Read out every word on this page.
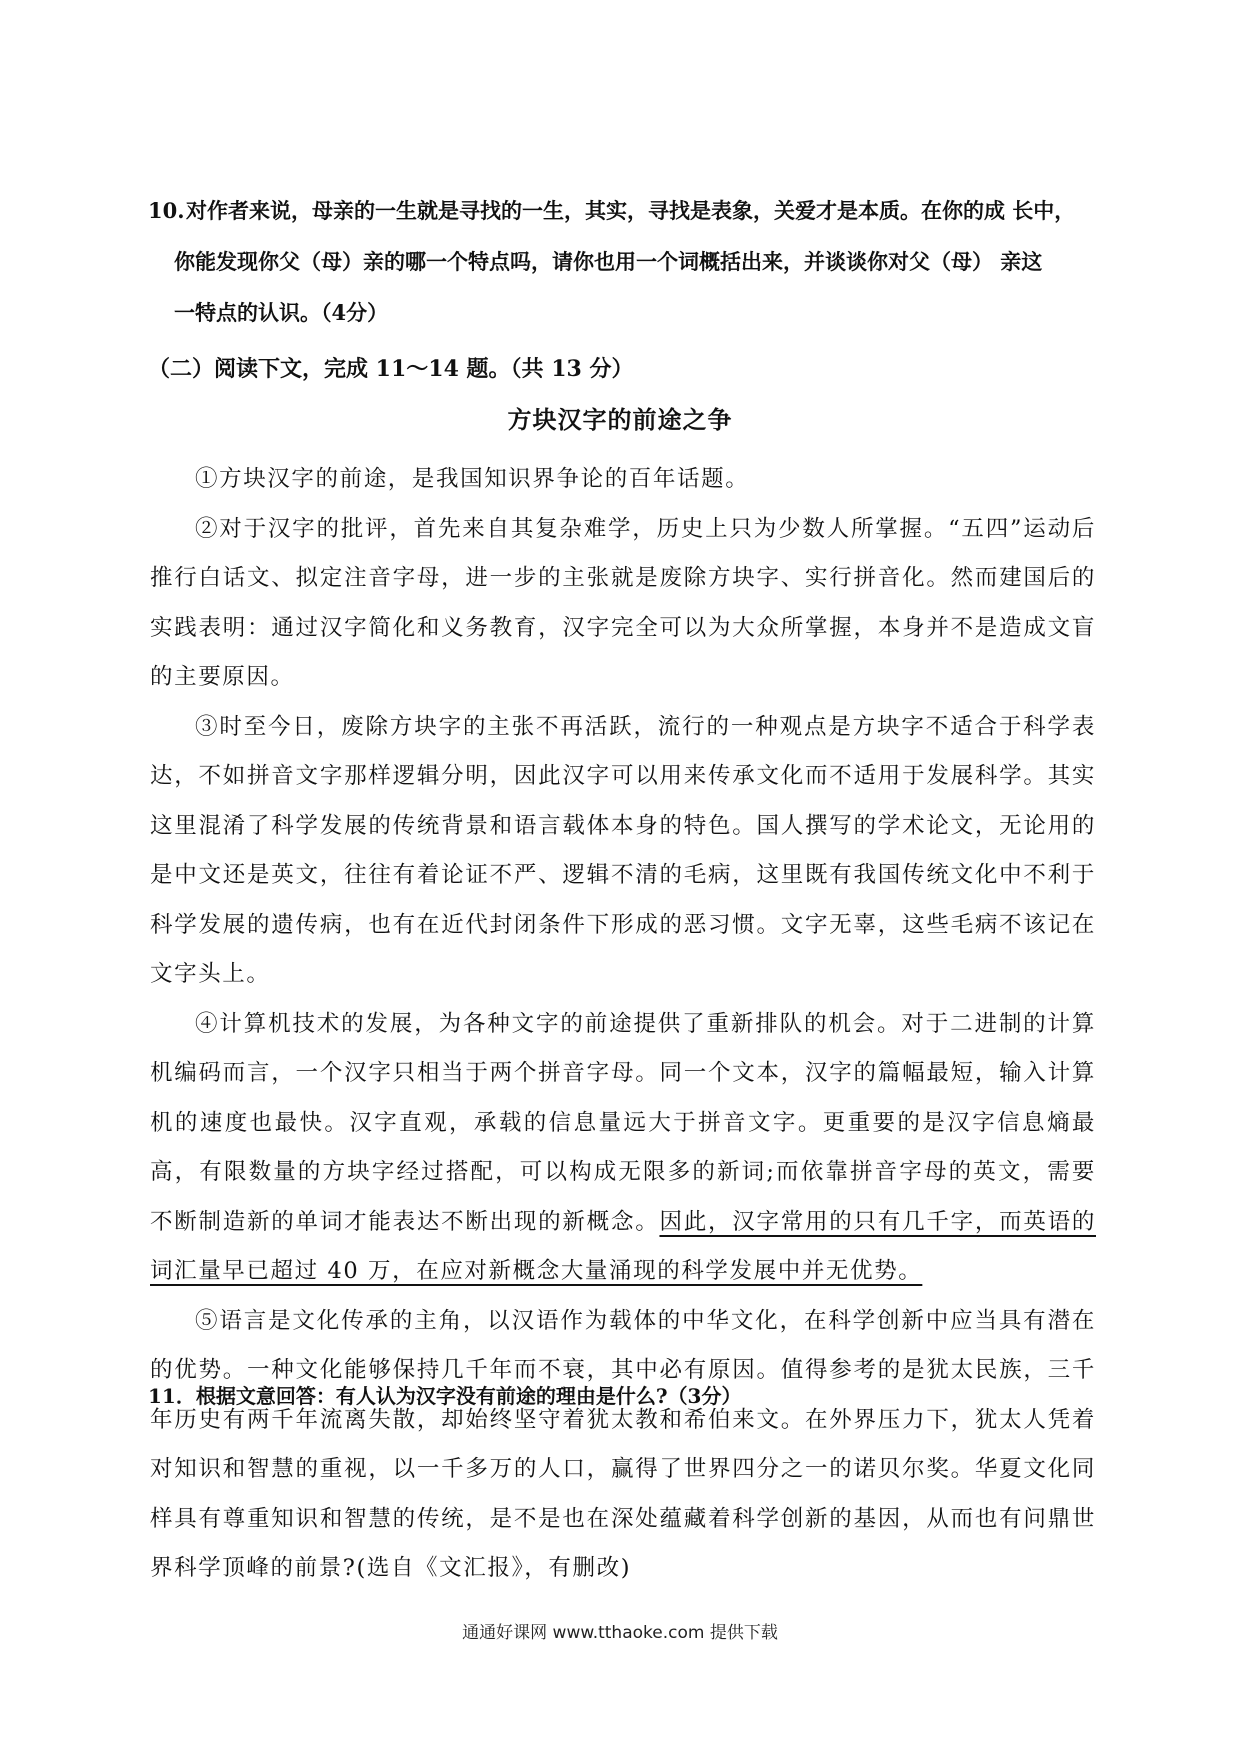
10. 对作者来说，母亲的一生就是寻找的一生，其实，寻找是表象，关爱才是本质。在你的成 长中，
你能发现你父（母）亲的哪一个特点吗，请你也用一个词概括出来，并谈谈你对父（母） 亲这
一特点的认识。（4分）
（二）阅读下文，完成 11～14 题。（共 13 分）
方块汉字的前途之争

①方块汉字的前途，是我国知识界争论的百年话题。

②对于汉字的批评，首先来自其复杂难学，历史上只为少数人所掌握。“五四”运动后推行白话文、拟定注音字母，进一步的主张就是废除方块字、实行拼音化。然而建国后的实践表明：通过汉字简化和义务教育，汉字完全可以为大众所掌握，本身并不是造成文盲的主要原因。

③时至今日，废除方块字的主张不再活跃，流行的一种观点是方块字不适合于科学表达，不如拼音文字那样逻辑分明，因此汉字可以用来传承文化而不适用于发展科学。其实这里混淆了科学发展的传统背景和语言载体本身的特色。国人撰写的学术论文，无论用的是中文还是英文，往往有着论证不严、逻辑不清的毛病，这里既有我国传统文化中不利于科学发展的遗传病，也有在近代封闭条件下形成的恶习惯。文字无辜，这些毛病不该记在文字头上。

④计算机技术的发展，为各种文字的前途提供了重新排队的机会。对于二进制的计算机编码而言，一个汉字只相当于两个拼音字母。同一个文本，汉字的篇幅最短，输入计算机的速度也最快。汉字直观，承载的信息量远大于拼音文字。更重要的是汉字信息熵最高，有限数量的方块字经过搭配，可以构成无限多的新词;而依靠拼音字母的英文，需要不断制造新的单词才能表达不断出现的新概念。因此，汉字常用的只有几千字，而英语的词汇量早已超过 40 万，在应对新概念大量涌现的科学发展中并无优势。

⑤语言是文化传承的主角，以汉语作为载体的中华文化，在科学创新中应当具有潜在的优势。一种文化能够保持几千年而不衰，其中必有原因。值得参考的是犹太民族，三千年历史有两千年流离失散，却始终坚守着犹太教和希伯来文。在外界压力下，犹太人凭着对知识和智慧的重视，以一千多万的人口，赢得了世界四分之一的诺贝尔奖。华夏文化同样具有尊重知识和智慧的传统，是不是也在深处蕴藏着科学创新的基因，从而也有问鼎世界科学顶峰的前景?(选自《文汇报》，有删改)

11．根据文意回答：有人认为汉字没有前途的理由是什么?（3分）
通通好课网 www.tthaoke.com 提供下载
